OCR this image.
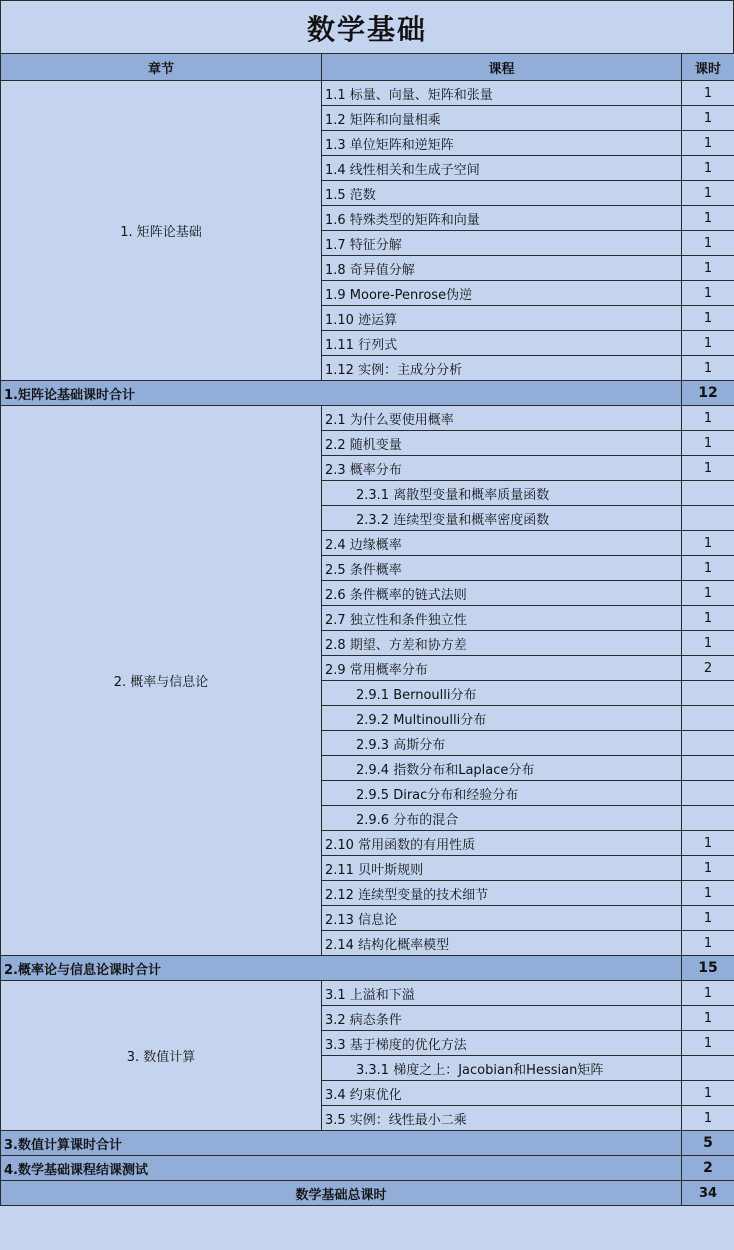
数学基础
章节	课程	课时
1. 矩阵论基础	1.1 标量、向量、矩阵和张量	1
	1.2 矩阵和向量相乘	1
	1.3 单位矩阵和逆矩阵	1
	1.4 线性相关和生成子空间	1
	1.5 范数	1
	1.6 特殊类型的矩阵和向量	1
	1.7 特征分解	1
	1.8 奇异值分解	1
	1.9 Moore-Penrose伪逆	1
	1.10 迹运算	1
	1.11 行列式	1
	1.12 实例：主成分分析	1
1.矩阵论基础课时合计		12
2. 概率与信息论	2.1 为什么要使用概率	1
	2.2 随机变量	1
	2.3 概率分布	1
	2.3.1 离散型变量和概率质量函数	
	2.3.2 连续型变量和概率密度函数	
	2.4 边缘概率	1
	2.5 条件概率	1
	2.6 条件概率的链式法则	1
	2.7 独立性和条件独立性	1
	2.8 期望、方差和协方差	1
	2.9 常用概率分布	2
	2.9.1 Bernoulli分布	
	2.9.2 Multinoulli分布	
	2.9.3 高斯分布	
	2.9.4 指数分布和Laplace分布	
	2.9.5 Dirac分布和经验分布	
	2.9.6 分布的混合	
	2.10 常用函数的有用性质	1
	2.11 贝叶斯规则	1
	2.12 连续型变量的技术细节	1
	2.13 信息论	1
	2.14 结构化概率模型	1
2.概率论与信息论课时合计		15
3. 数值计算	3.1 上溢和下溢	1
	3.2 病态条件	1
	3.3 基于梯度的优化方法	1
	3.3.1 梯度之上：Jacobian和Hessian矩阵	
	3.4 约束优化	1
	3.5 实例：线性最小二乘	1
3.数值计算课时合计		5
4.数学基础课程结课测试		2
数学基础总课时		34
